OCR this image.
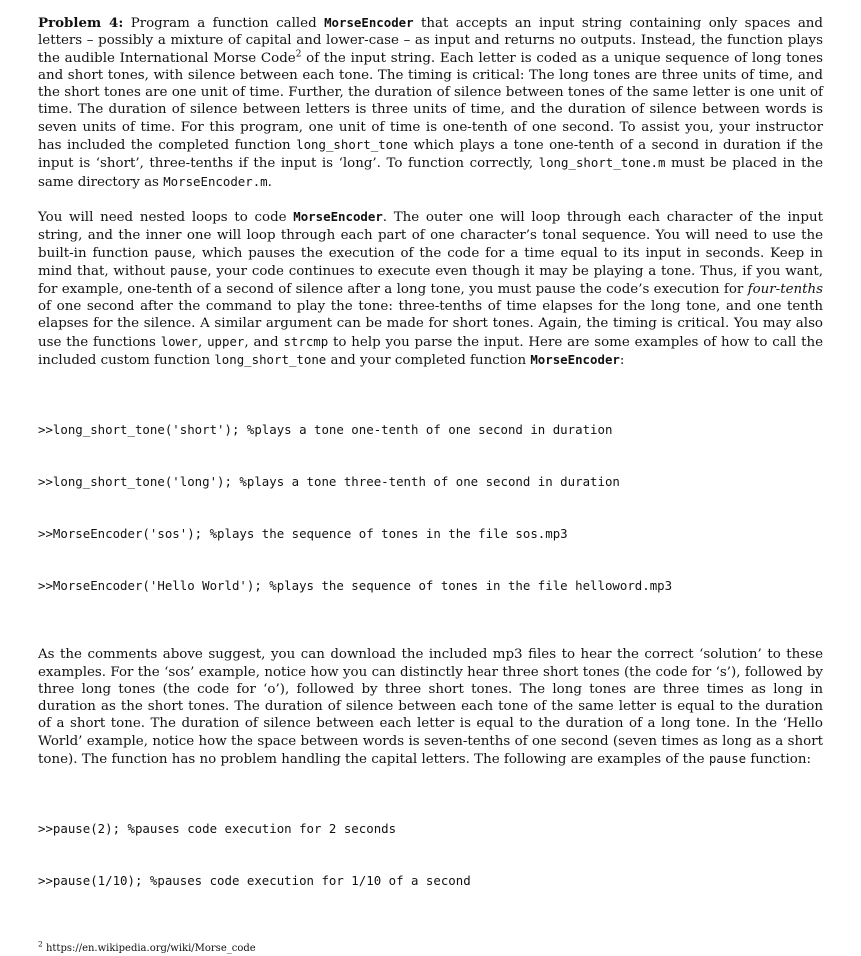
Problem 4: Program a function called MorseEncoder that accepts an input string containing only spaces and letters – possibly a mixture of capital and lower-case – as input and returns no outputs. Instead, the function plays the audible International Morse Code$^2$ of the input string. Each letter is coded as a unique sequence of long tones and short tones, with silence between each tone. The timing is critical: The long tones are three units of time, and the short tones are one unit of time. Further, the duration of silence between tones of the same letter is one unit of time. The duration of silence between letters is three units of time, and the duration of silence between words is seven units of time. For this program, one unit of time is one-tenth of one second. To assist you, your instructor has included the completed function long_short_tone which plays a tone one-tenth of a second in duration if the input is ‘short’, three-tenths if the input is ‘long’. To function correctly, long_short_tone.m must be placed in the same directory as MorseEncoder.m.

You will need nested loops to code MorseEncoder. The outer one will loop through each character of the input string, and the inner one will loop through each part of one character’s tonal sequence. You will need to use the built-in function pause, which pauses the execution of the code for a time equal to its input in seconds. Keep in mind that, without pause, your code continues to execute even though it may be playing a tone. Thus, if you want, for example, one-tenth of a second of silence after a long tone, you must pause the code’s execution for four-tenths of one second after the command to play the tone: three-tenths of time elapses for the long tone, and one tenth elapses for the silence. A similar argument can be made for short tones. Again, the timing is critical. You may also use the functions lower, upper, and strcmp to help you parse the input. Here are some examples of how to call the included custom function long_short_tone and your completed function MorseEncoder:

>>long_short_tone('short'); %plays a tone one-tenth of one second in duration

>>long_short_tone('long'); %plays a tone three-tenth of one second in duration

>>MorseEncoder('sos'); %plays the sequence of tones in the file sos.mp3

>>MorseEncoder('Hello World'); %plays the sequence of tones in the file helloword.mp3

As the comments above suggest, you can download the included mp3 files to hear the correct ‘solution’ to these examples. For the ‘sos’ example, notice how you can distinctly hear three short tones (the code for ‘s’), followed by three long tones (the code for ‘o’), followed by three short tones. The long tones are three times as long in duration as the short tones. The duration of silence between each tone of the same letter is equal to the duration of a short tone. The duration of silence between each letter is equal to the duration of a long tone. In the ‘Hello World’ example, notice how the space between words is seven-tenths of one second (seven times as long as a short tone). The function has no problem handling the capital letters. The following are examples of the pause function:

>>pause(2); %pauses code execution for 2 seconds

>>pause(1/10); %pauses code execution for 1/10 of a second

$^2$ https://en.wikipedia.org/wiki/Morse_code
